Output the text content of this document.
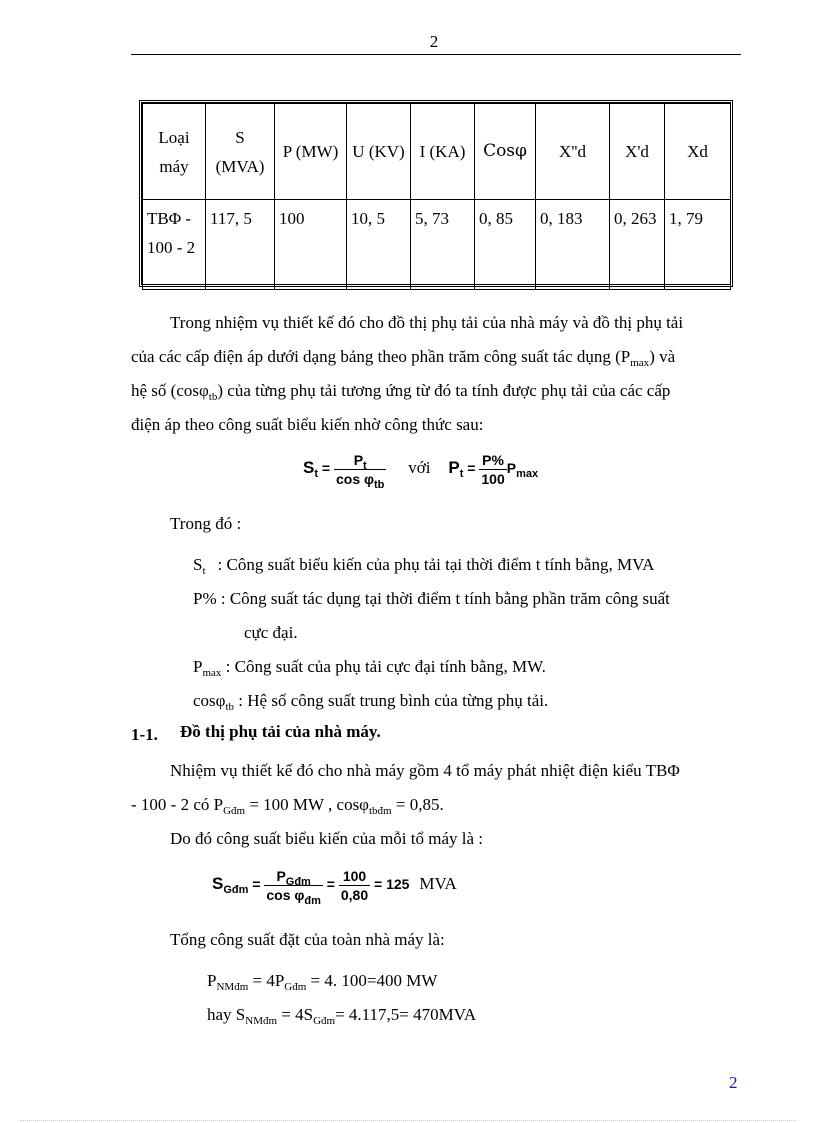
2
Loại máy	S (MVA)	P (MW)	U (KV)	I (KA)	Cosφ	X''d	X'd	Xd
TBΦ - 100 - 2	117, 5	100	10, 5	5, 73	0, 85	0, 183	0, 263	1, 79
Trong nhiệm vụ thiết kế đó cho đồ thị phụ tải của nhà máy và đồ thị phụ tải
của các cấp điện áp dưới dạng bảng theo phần trăm công suất tác dụng $(P_{max})$ và
hệ số (cosφ$_{tb}$) của từng phụ tải tương ứng từ đó ta tính được phụ tải của các cấp
điện áp theo công suất biểu kiến nhờ công thức sau:
$S_t = \frac{P_t}{\cos \varphi_{tb}}$ với $P_t = \frac{P\%}{100} P_{max}$
Trong đó :
$S_t$ : Công suất biểu kiến của phụ tải tại thời điểm t tính bằng, MVA
P% : Công suất tác dụng tại thời điểm t tính bằng phần trăm công suất
cực đại.
$P_{max}$ : Công suất của phụ tải cực đại tính bằng, MW.
cosφ$_{tb}$ : Hệ số công suất trung bình của từng phụ tải.
1-1. Đồ thị phụ tải của nhà máy.
Nhiệm vụ thiết kế đó cho nhà máy gồm 4 tổ máy phát nhiệt điện kiểu TBΦ
- 100 - 2 có $P_{Gđm} = 100$ MW , cosφ$_{tbđm}$ = 0,85.
Do đó công suất biểu kiến của mỗi tổ máy là :
$S_{Gđm} = \frac{P_{Gđm}}{\cos \varphi_{đm}} = \frac{100}{0,80} = 125$ MVA
Tổng công suất đặt của toàn nhà máy là:
$P_{NMđm} = 4P_{Gđm} = 4$. 100=400 MW
hay $S_{NMđm} = 4S_{Gđm}= 4.117,5= 470MVA$
2
